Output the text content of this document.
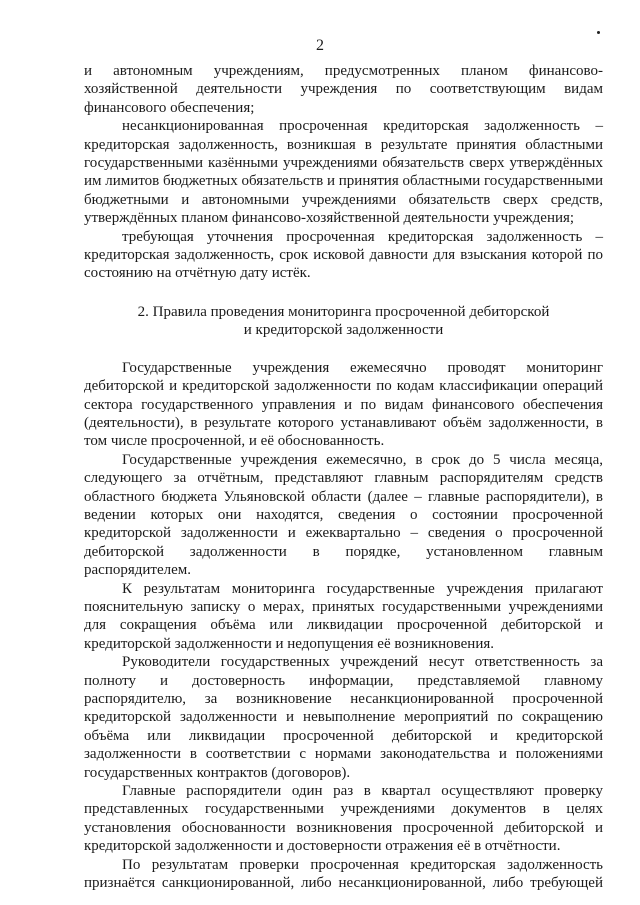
2

и автономным учреждениям, предусмотренных планом финансово-хозяйственной деятельности учреждения по соответствующим видам финансового обеспечения;

несанкционированная просроченная кредиторская задолженность – кредиторская задолженность, возникшая в результате принятия областными государственными казёнными учреждениями обязательств сверх утверждённых им лимитов бюджетных обязательств и принятия областными государственными бюджетными и автономными учреждениями обязательств сверх средств, утверждённых планом финансово-хозяйственной деятельности учреждения;

требующая уточнения просроченная кредиторская задолженность – кредиторская задолженность, срок исковой давности для взыскания которой по состоянию на отчётную дату истёк.

2. Правила проведения мониторинга просроченной дебиторской
и кредиторской задолженности

Государственные учреждения ежемесячно проводят мониторинг дебиторской и кредиторской задолженности по кодам классификации операций сектора государственного управления и по видам финансового обеспечения (деятельности), в результате которого устанавливают объём задолженности, в том числе просроченной, и её обоснованность.

Государственные учреждения ежемесячно, в срок до 5 числа месяца, следующего за отчётным, представляют главным распорядителям средств областного бюджета Ульяновской области (далее – главные распорядители), в ведении которых они находятся, сведения о состоянии просроченной кредиторской задолженности и ежеквартально – сведения о просроченной дебиторской задолженности в порядке, установленном главным распорядителем.

К результатам мониторинга государственные учреждения прилагают пояснительную записку о мерах, принятых государственными учреждениями для сокращения объёма или ликвидации просроченной дебиторской и кредиторской задолженности и недопущения её возникновения.

Руководители государственных учреждений несут ответственность за полноту и достоверность информации, представляемой главному распорядителю, за возникновение несанкционированной просроченной кредиторской задолженности и невыполнение мероприятий по сокращению объёма или ликвидации просроченной дебиторской и кредиторской задолженности в соответствии с нормами законодательства и положениями государственных контрактов (договоров).

Главные распорядители один раз в квартал осуществляют проверку представленных государственными учреждениями документов в целях установления обоснованности возникновения просроченной дебиторской и кредиторской задолженности и достоверности отражения её в отчётности.

По результатам проверки просроченная кредиторская задолженность признаётся санкционированной, либо несанкционированной, либо требующей
